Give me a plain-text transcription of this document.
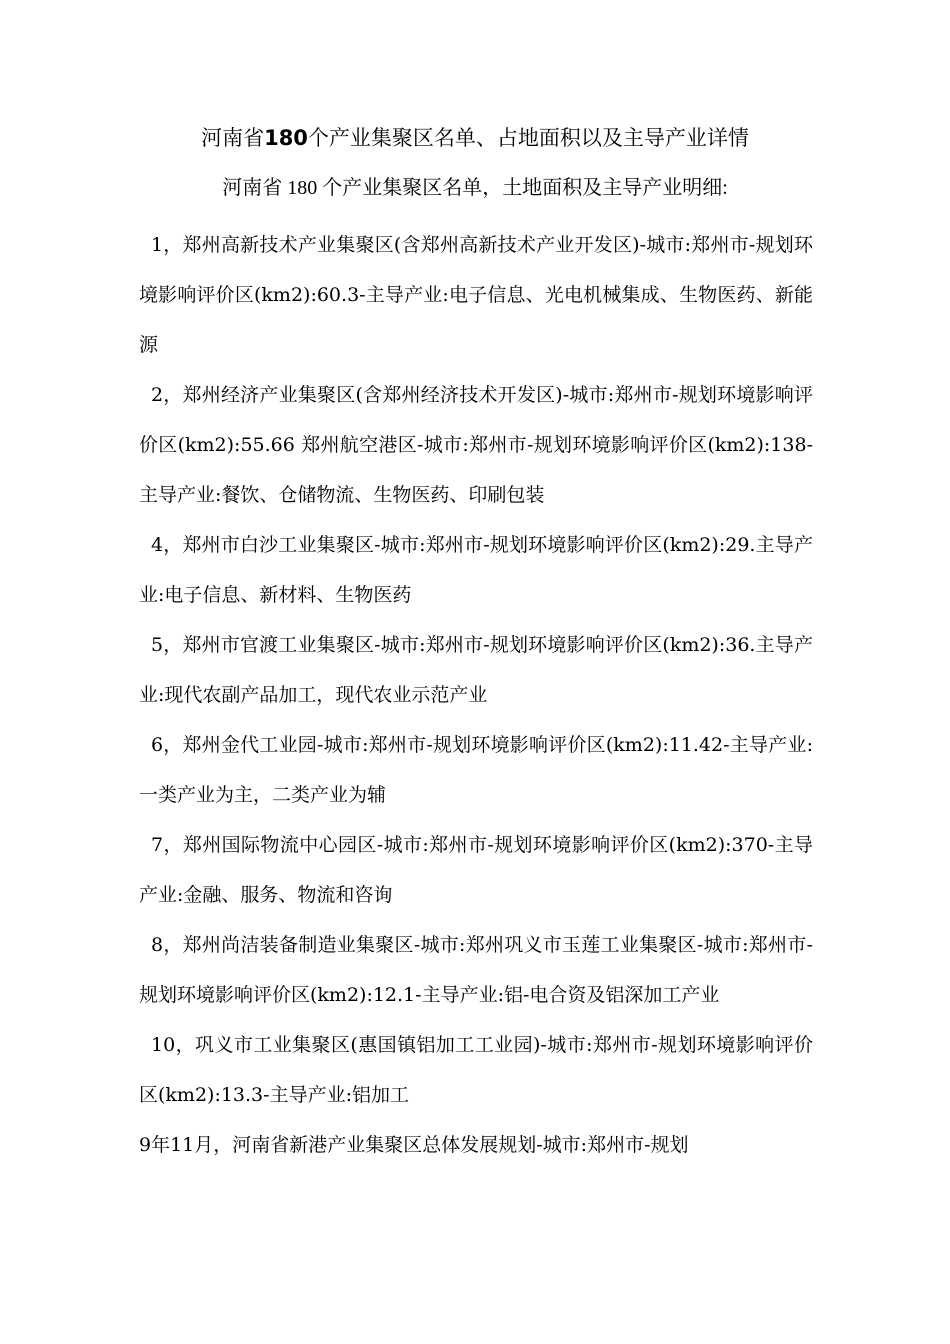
河南省180个产业集聚区名单、占地面积以及主导产业详情
河南省 180 个产业集聚区名单，土地面积及主导产业明细:

1，郑州高新技术产业集聚区(含郑州高新技术产业开发区)-城市:郑州市-规划环境影响评价区(km2):60.3-主导产业:电子信息、光电机械集成、生物医药、新能源

2，郑州经济产业集聚区(含郑州经济技术开发区)-城市:郑州市-规划环境影响评价区(km2):55.66 郑州航空港区-城市:郑州市-规划环境影响评价区(km2):138-主导产业:餐饮、仓储物流、生物医药、印刷包装

4，郑州市白沙工业集聚区-城市:郑州市-规划环境影响评价区(km2):29.主导产业:电子信息、新材料、生物医药

5，郑州市官渡工业集聚区-城市:郑州市-规划环境影响评价区(km2):36.主导产业:现代农副产品加工，现代农业示范产业

6，郑州金代工业园-城市:郑州市-规划环境影响评价区(km2):11.42-主导产业:一类产业为主，二类产业为辅

7，郑州国际物流中心园区-城市:郑州市-规划环境影响评价区(km2):370-主导产业:金融、服务、物流和咨询

8，郑州尚洁装备制造业集聚区-城市:郑州巩义市玉莲工业集聚区-城市:郑州市-规划环境影响评价区(km2):12.1-主导产业:铝-电合资及铝深加工产业

10，巩义市工业集聚区(惠国镇铝加工工业园)-城市:郑州市-规划环境影响评价区(km2):13.3-主导产业:铝加工

9年11月，河南省新港产业集聚区总体发展规划-城市:郑州市-规划
